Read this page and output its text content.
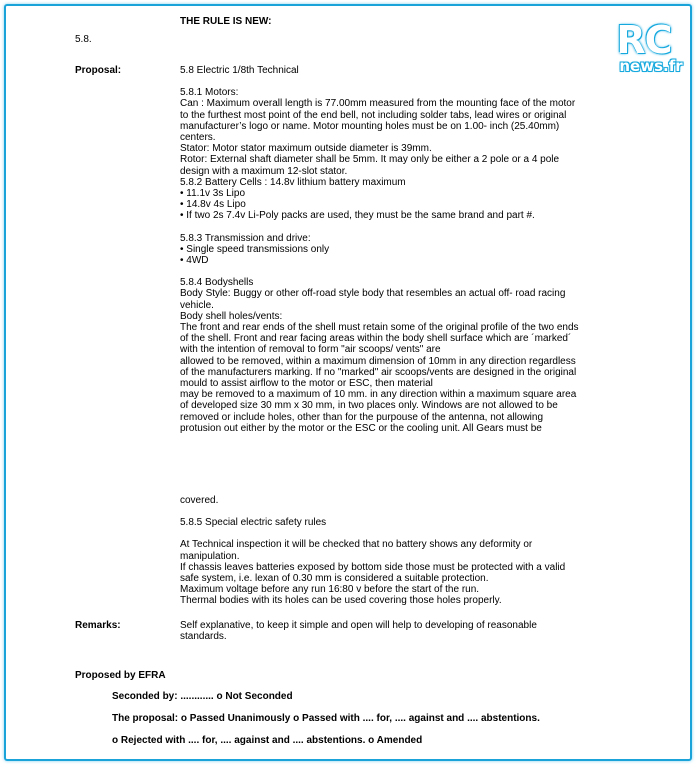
THE RULE IS NEW:
5.8.	RC
news.fr
Proposal:	5.8 Electric 1/8th Technical
5.8.1 Motors:
Can : Maximum overall length is 77.00mm measured from the mounting face of the motor
to the furthest most point of the end bell, not including solder tabs, lead wires or original
manufacturer’s logo or name. Motor mounting holes must be on 1.00- inch (25.40mm)
centers.
Stator: Motor stator maximum outside diameter is 39mm.
Rotor: External shaft diameter shall be 5mm. It may only be either a 2 pole or a 4 pole
design with a maximum 12-slot stator.
5.8.2 Battery Cells : 14.8v lithium battery maximum
• 11.1v 3s Lipo
• 14.8v 4s Lipo
• If two 2s 7.4v Li-Poly packs are used, they must be the same brand and part #.
5.8.3 Transmission and drive:
• Single speed transmissions only
• 4WD
5.8.4 Bodyshells
Body Style: Buggy or other off-road style body that resembles an actual off- road racing
vehicle.
Body shell holes/vents:
The front and rear ends of the shell must retain some of the original profile of the two ends
of the shell. Front and rear facing areas within the body shell surface which are ´marked´
with the intention of removal to form "air scoops/ vents" are
allowed to be removed, within a maximum dimension of 10mm in any direction regardless
of the manufacturers marking. If no "marked" air scoops/vents are designed in the original
mould to assist airflow to the motor or ESC, then material
may be removed to a maximum of 10 mm. in any direction within a maximum square area
of developed size 30 mm x 30 mm, in two places only. Windows are not allowed to be
removed or include holes, other than for the purpouse of the antenna, not allowing
protusion out either by the motor or the ESC or the cooling unit. All Gears must be
covered.
5.8.5 Special electric safety rules
At Technical inspection it will be checked that no battery shows any deformity or
manipulation.
If chassis leaves batteries exposed by bottom side those must be protected with a valid
safe system, i.e. lexan of 0.30 mm is considered a suitable protection.
Maximum voltage before any run 16:80 v before the start of the run.
Thermal bodies with its holes can be used covering those holes properly.
Remarks:	Self explanative, to keep it simple and open will help to developing of reasonable
standards.
Proposed by EFRA
Seconded by: ............ o Not Seconded
The proposal: o Passed Unanimously o Passed with .... for, .... against and .... abstentions.
o Rejected with .... for, .... against and .... abstentions. o Amended
